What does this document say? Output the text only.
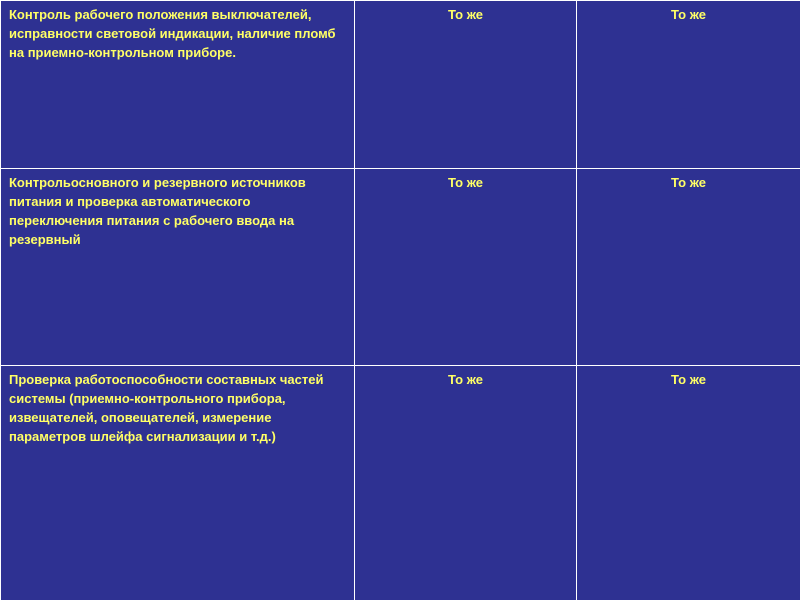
Контроль рабочего положения выключателей, исправности световой индикации, наличие пломб на приемно-контрольном приборе.	То же	То же
Контрольосновного и резервного источников питания и проверка автоматического переключения питания с рабочего ввода на резервный	То же	То же
Проверка работоспособности составных частей системы (приемно-контрольного прибора, извещателей, оповещателей, измерение параметров шлейфа сигнализации и т.д.)	То же	То же
